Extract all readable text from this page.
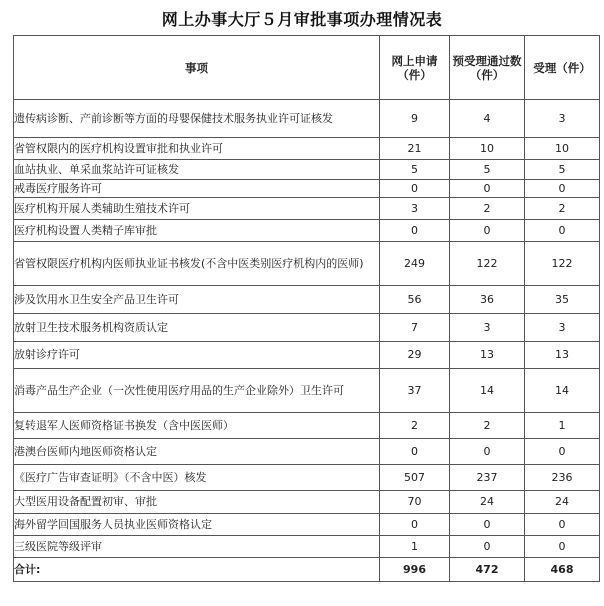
网上办事大厅５月审批事项办理情况表
事项	网上申请（件）	预受理通过数（件）	受理（件）
遗传病诊断、产前诊断等方面的母婴保健技术服务执业许可证核发	9	4	3
省管权限内的医疗机构设置审批和执业许可	21	10	10
血站执业、单采血浆站许可证核发	5	5	5
戒毒医疗服务许可	0	0	0
医疗机构开展人类辅助生殖技术许可	3	2	2
医疗机构设置人类精子库审批	0	0	0
省管权限医疗机构内医师执业证书核发(不含中医类别医疗机构内的医师)	249	122	122
涉及饮用水卫生安全产品卫生许可	56	36	35
放射卫生技术服务机构资质认定	7	3	3
放射诊疗许可	29	13	13
消毒产品生产企业（一次性使用医疗用品的生产企业除外）卫生许可	37	14	14
复转退军人医师资格证书换发（含中医医师）	2	2	1
港澳台医师内地医师资格认定	0	0	0
《医疗广告审查证明》（不含中医）核发	507	237	236
大型医用设备配置初审、审批	70	24	24
海外留学回国服务人员执业医师资格认定	0	0	0
三级医院等级评审	1	0	0
合计:	996	472	468
